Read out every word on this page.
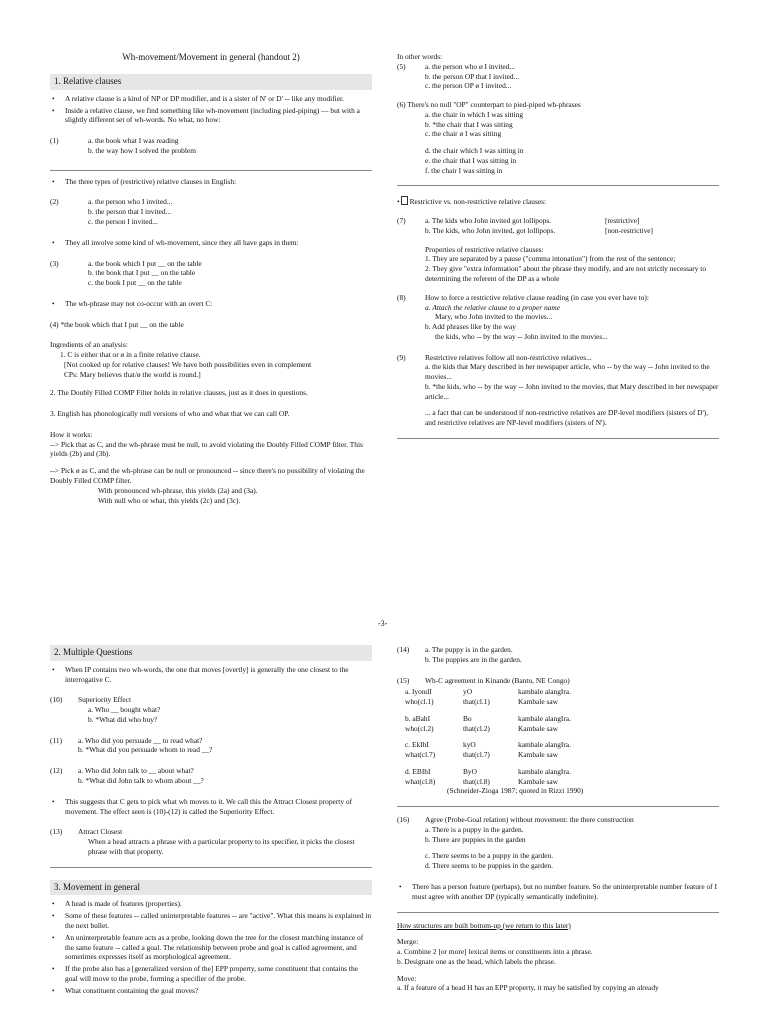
Wh-movement/Movement in general (handout 2)
1. Relative clauses
•	A relative clause is a kind of NP or DP modifier, and is a sister of N' or D' -- like any modifier.
•	Inside a relative clause, we find something like wh-movement (including pied-piping) — but with a slightly different set of wh-words. No what, no how:
(1)	a. the book what I was reading
b. the way how I solved the problem
•	The three types of (restrictive) relative clauses in English:
(2)	a. the person who I invited...
b. the person that I invited...
c. the person I invited...
•	They all involve some kind of wh-movement, since they all have gaps in them:
(3)	a. the book which I put __ on the table
b. the book that I put __ on the table
c. the book I put __ on the table
•	The wh-phrase may not co-occur with an overt C:
(4) *the book which that I put __ on the table
Ingredients of an analysis:
1. C is either that or ø in a finite relative clause.
[Not cooked up for relative clauses! We have both possibilities even in complement
CPs: Mary believes that/ø the world is round.]
2. The Doubly Filled COMP Filter holds in relative clauses, just as it does in questions.
3. English has phonologically null versions of who and what that we can call OP.
How it works:
--> Pick that as C, and the wh-phrase must be null, to avoid violating the Doubly Filled COMP filter. This yields (2b) and (3b).
--> Pick ø as C, and the wh-phrase can be null or pronounced -- since there's no possibility of violating the Doubly Filled COMP filter.
With pronounced wh-phrase, this yields (2a) and (3a).
With null who or what, this yields (2c) and (3c).
In other words:
(5)	a. the person who ø I invited...
b. the person OP that I invited...
c. the person OP ø I invited...
(6) There's no null "OP" counterpart to pied-piped wh-phrases
a. the chair in which I was sitting
b. *the chair that I was sitting
c. the chair ø I was sitting
d. the chair which I was sitting in
e. the chair that I was sitting in
f. the chair I was sitting in
• Restrictive vs. non-restrictive relative clauses:
(7)	a. The kids who John invited got lollipops.	[restrictive]
b. The kids, who John invited, got lollipops.	[non-restrictive]
Properties of restrictive relative clauses:
1. They are separated by a pause ("comma intonation") from the rest of the sentence;
2. They give "extra information" about the phrase they modify, and are not strictly necessary to determining the referent of the DP as a whole
(8)	How to force a restrictive relative clause reading (in case you ever have to):
a. Attach the relative clause to a proper name
Mary, who John invited to the movies...
b. Add phrases like by the way
the kids, who -- by the way -- John invited to the movies...
(9)	Restrictive relatives follow all non-restrictive relatives...
a. the kids that Mary described in her newspaper article, who -- by the way -- John invited to the movies...
b. *the kids, who -- by the way -- John invited to the movies, that Mary described in her newspaper article...
... a fact that can be understood if non-restrictive relatives are DP-level modifiers (sisters of D'), and restrictive relatives are NP-level modifiers (sisters of N').
-3-
2. Multiple Questions
•	When IP contains two wh-words, the one that moves [overtly] is generally the one closest to the interrogative C.
(10)	Superiority Effect
a. Who __ bought what?
b. *What did who buy?
(11)	a. Who did you persuade __ to read what?
b. *What did you persuade whom to read __?
(12)	a. Who did John talk to __ about what?
b. *What did John talk to whom about __?
•	This suggests that C gets to pick what wh moves to it. We call this the Attract Closest property of movement. The effect seen is (10)-(12) is called the Superiority Effect.
(13)	Attract Closest
When a head attracts a phrase with a particular property to its specifier, it picks the closest phrase with that property.
3. Movement in general
•	A head is made of features (properties).
•	Some of these features -- called uninterpretable features -- are "active". What this means is explained in the next bullet.
•	An uninterpretable feature acts as a probe, looking down the tree for the closest matching instance of the same feature -- called a goal. The relationship between probe and goal is called agreement, and sometimes expresses itself as morphological agreement.
•	If the probe also has a [generalized version of the] EPP property, some constituent that contains the goal will move to the probe, forming a specifier of the probe.
•	What constituent containing the goal moves?
(14)	a. The puppy is in the garden.
b. The puppies are in the garden.
(15)	Wh-C agreement in Kinande (Bantu, NE Congo)
a. IyondI	yO	kambale alangIra.
who(cl.1)	that(cl.1)	Kambale saw
b. aBahI	Bo	kambale alangIra.
who(cl.2)	that(cl.2)	Kambale saw
c. EkIhI	kyO	kambale alangIra.
what(cl.7)	that(cl.7)	Kambale saw
d. EBIhI	ByO	kambale alangIra.
what(cl.8)	that(cl.8)	Kambale saw
(Schneider-Zioga 1987; quoted in Rizzi 1990)
(16)	Agree (Probe-Goal relation) without movement: the there construction
a. There is a puppy in the garden.
b. There are puppies in the garden
c. There seems to be a puppy in the garden.
d. There seems to be puppies in the garden.
•	There has a person feature (perhaps), but no number feature. So the uninterpretable number feature of I must agree with another DP (typically semantically indefinite).
How structures are built bottom-up (we return to this later)
Merge:
a. Combine 2 [or more] lexical items or constituents into a phrase.
b. Designate one as the head, which labels the phrase.
Move:
a. If a feature of a head H has an EPP property, it may be satisfied by copying an already
